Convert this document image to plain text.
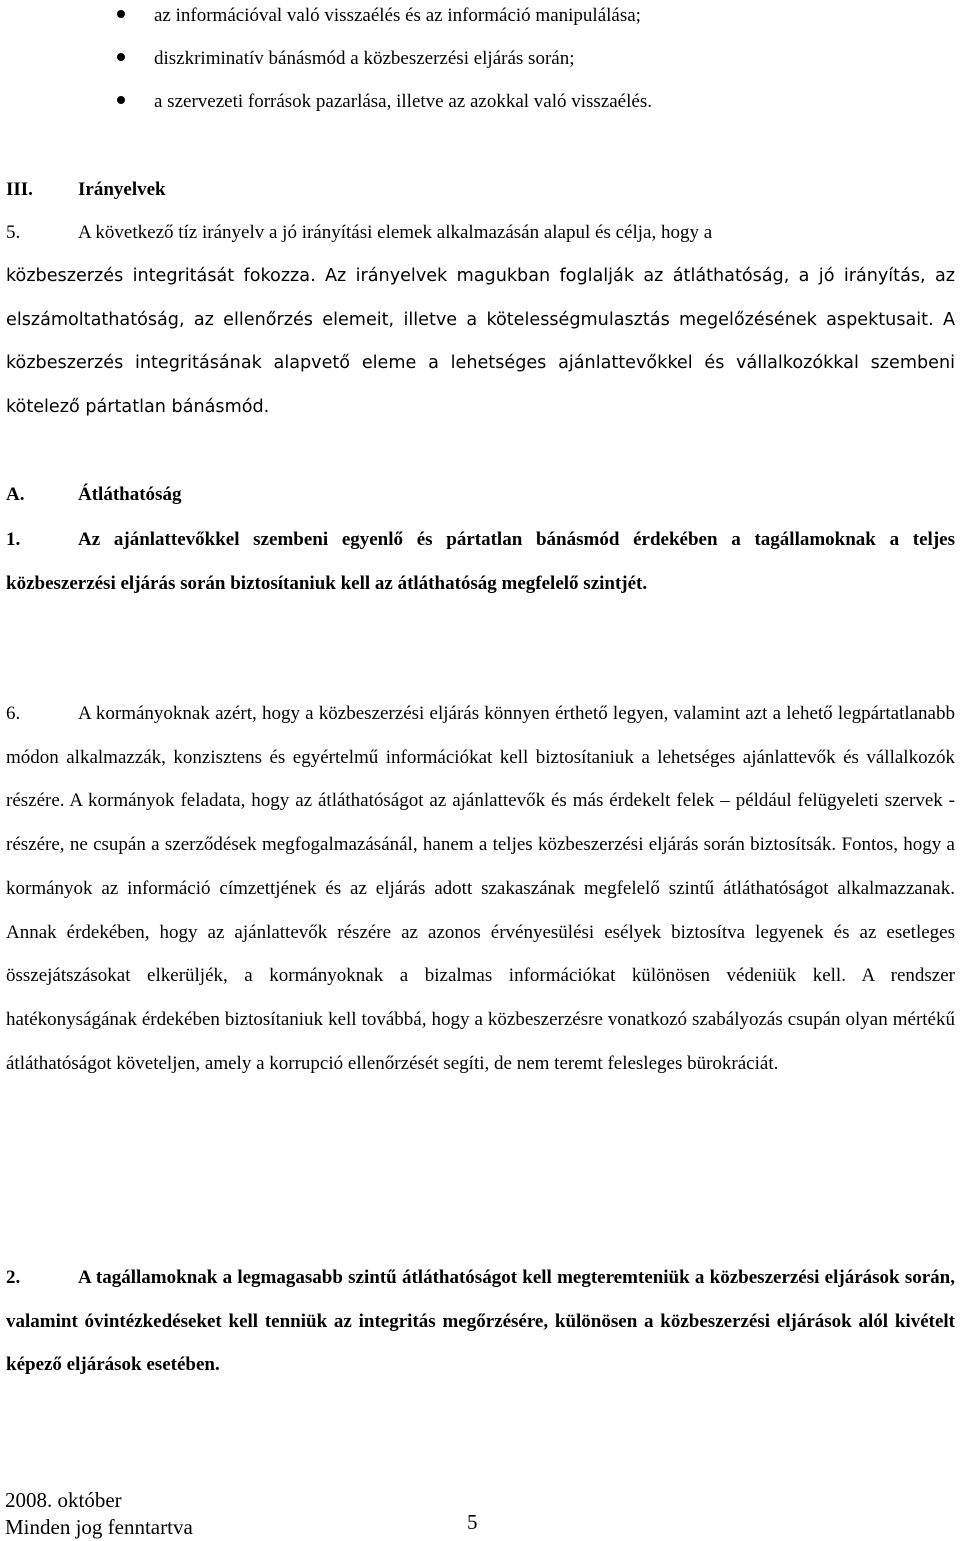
az információval való visszaélés és az információ manipulálása;
diszkriminatív bánásmód a közbeszerzési eljárás során;
a szervezeti források pazarlása, illetve az azokkal való visszaélés.
III. Irányelvek
5.	A következő tíz irányelv a jó irányítási elemek alkalmazásán alapul és célja, hogy a
közbeszerzés integritását fokozza. Az irányelvek magukban foglalják az átláthatóság, a jó irányítás, az elszámoltathatóság, az ellenőrzés elemeit, illetve a kötelességmulasztás megelőzésének aspektusait. A közbeszerzés integritásának alapvető eleme a lehetséges ajánlattevőkkel és vállalkozókkal szembeni kötelező pártatlan bánásmód.
A.	Átláthatóság
1.	Az ajánlattevőkkel szembeni egyenlő és pártatlan bánásmód érdekében a tagállamoknak a teljes közbeszerzési eljárás során biztosítaniuk kell az átláthatóság megfelelő szintjét.
6.	A kormányoknak azért, hogy a közbeszerzési eljárás könnyen érthető legyen, valamint azt a lehető legpártatlanabb módon alkalmazzák, konzisztens és egyértelmű információkat kell biztosítaniuk a lehetséges ajánlattevők és vállalkozók részére. A kormányok feladata, hogy az átláthatóságot az ajánlattevők és más érdekelt felek – például felügyeleti szervek - részére, ne csupán a szerződések megfogalmazásánál, hanem a teljes közbeszerzési eljárás során biztosítsák. Fontos, hogy a kormányok az információ címzettjének és az eljárás adott szakaszának megfelelő szintű átláthatóságot alkalmazzanak. Annak érdekében, hogy az ajánlattevők részére az azonos érvényesülési esélyek biztosítva legyenek és az esetleges összejátszásokat elkerüljék, a kormányoknak a bizalmas információkat különösen védeniük kell. A rendszer hatékonyságának érdekében biztosítaniuk kell továbbá, hogy a közbeszerzésre vonatkozó szabályozás csupán olyan mértékű átláthatóságot követeljen, amely a korrupció ellenőrzését segíti, de nem teremt felesleges bürokráciát.
2.	A tagállamoknak a legmagasabb szintű átláthatóságot kell megteremteniük a közbeszerzési eljárások során, valamint óvintézkedéseket kell tenniük az integritás megőrzésére, különösen a közbeszerzési eljárások alól kivételt képező eljárások esetében.
2008. október
Minden jog fenntartva	5
